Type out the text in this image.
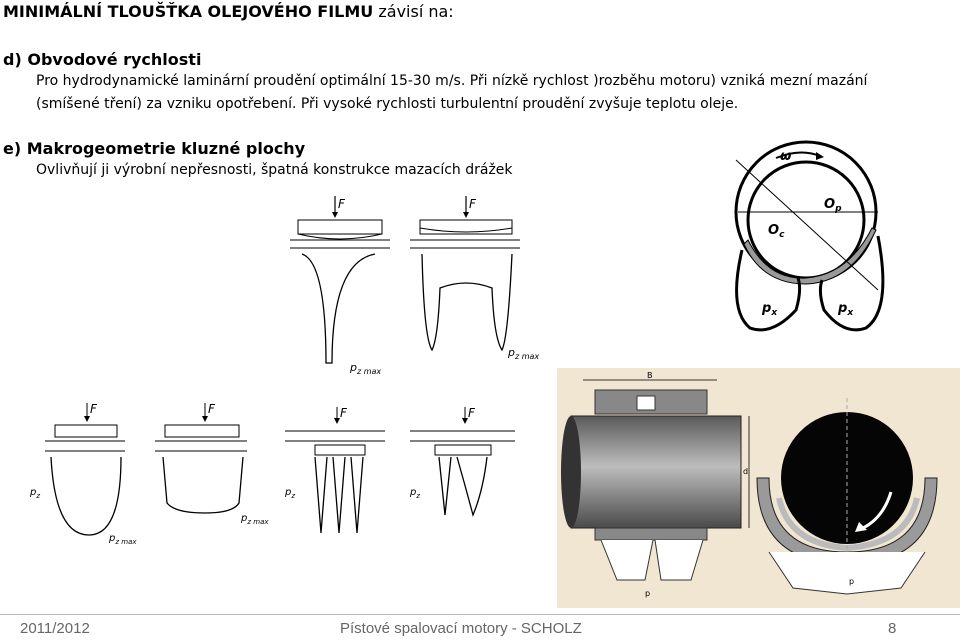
MINIMÁLNÍ TLOUŠŤKA OLEJOVÉHO FILMU závisí na:
d) Obvodové rychlosti
Pro hydrodynamické laminární proudění optimální 15-30 m/s. Při nízkě rychlost )rozběhu motoru) vzniká mezní mazání
(smíšené tření) za vzniku opotřebení. Při vysoké rychlosti turbulentní proudění zvyšuje teplotu oleje.
e) Makrogeometrie kluzné plochy
Ovlivňují ji výrobní nepřesnosti, špatná konstrukce mazacích drážek
F	F
$p_{z max}$
$p_{z max}$
ω
$O_p$
$O_c$
$p_x$	$p_x$
F
$p_z$
$p_{z max}$
F
$p_{z max}$
F
$p_z$
F
$p_z$
B
d
p
p
2011/2012	Pístové spalovací motory - SCHOLZ	8
